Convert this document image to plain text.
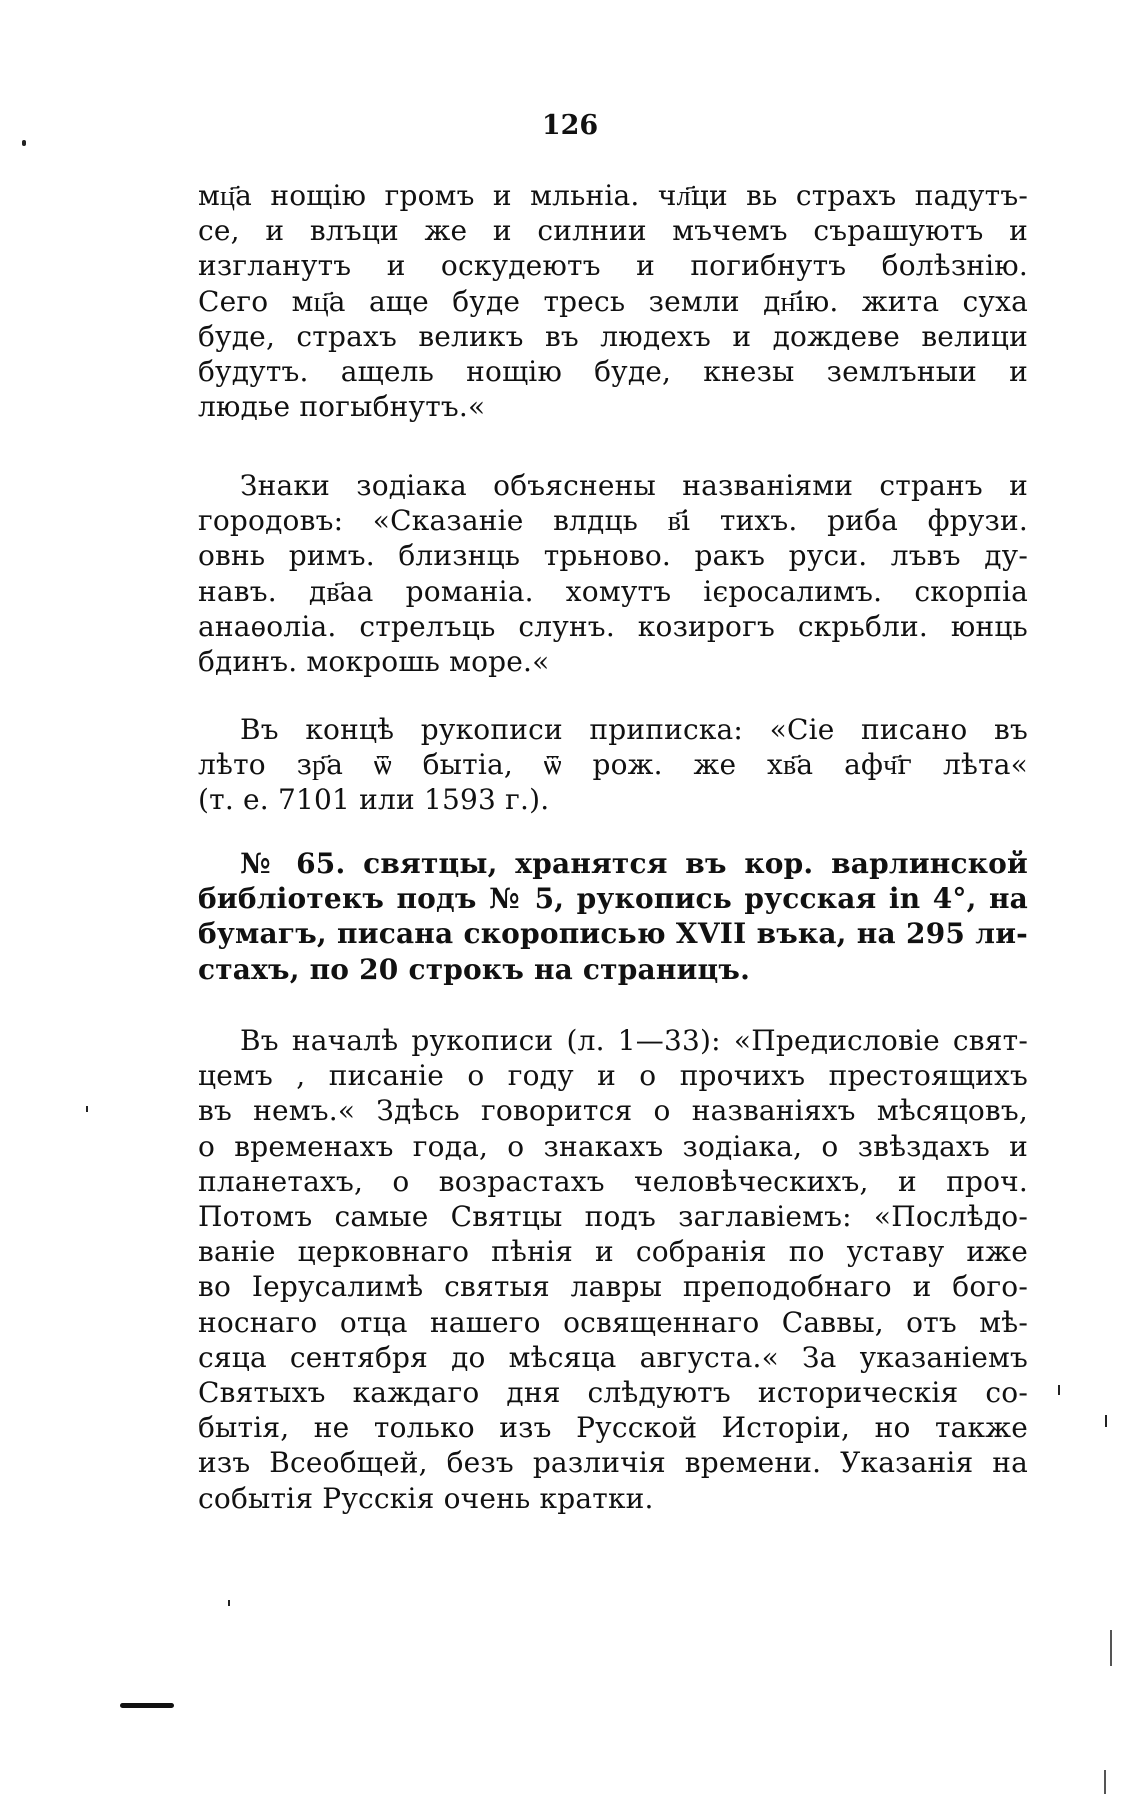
126
мц҃а нощію громъ и мльніа. чл҃ци вь страхъ падутъ-
се, и влъци же и силнии мъчемъ сърашуютъ и
изгланутъ и оскудеютъ и погибнутъ болѣзнію.
Сего мц҃а аще буде тресь земли дн҃ію. жита суха
буде, страхъ великъ въ людехъ и дождеве велици
будутъ. ащель нощію буде, кнезы землъныи и
людье погыбнутъ.«
Знаки зодіака объяснены названіями странъ и
городовъ: «Сказаніе влдць в҃і тихъ. риба фрузи.
овнь римъ. близнць трьново. ракъ руси. лъвъ ду-
навъ. дв҃аа романіа. хомутъ ієросалимъ. скорпіа
анаѳоліа. стрелъць слунъ. козирогъ скрьбли. юнць
бдинъ. мокрошь море.«
Въ концѣ рукописи приписка: «Сіе писано въ
лѣто зр҃а ѿ бытіа, ѿ рож. же хв҃а афч҃г лѣта«
(т. е. 7101 или 1593 г.).
№ 65. святцы, хранятся въ кор. варлинской
библіотекъ подъ № 5, рукопись русская in 4°, на
бумагъ, писана скорописью XVII въка, на 295 ли-
стахъ, по 20 строкъ на страницъ.
Въ началѣ рукописи (л. 1—33): «Предисловіе свят-
цемъ , писаніе о году и о прочихъ престоящихъ
въ немъ.« Здѣсь говорится о названіяхъ мѣсяцовъ,
о временахъ года, о знакахъ зодіака, о звѣздахъ и
планетахъ, о возрастахъ человѣческихъ, и проч.
Потомъ самые Святцы подъ заглавіемъ: «Послѣдо-
ваніе церковнаго пѣнія и собранія по уставу иже
во Іерусалимѣ святыя лавры преподобнаго и бого-
носнаго отца нашего освященнаго Саввы, отъ мѣ-
сяца сентября до мѣсяца августа.« За указаніемъ
Святыхъ каждаго дня слѣдуютъ историческія со-
бытія, не только изъ Русской Исторіи, но также
изъ Всеобщей, безъ различія времени. Указанія на
событія Русскія очень кратки.
